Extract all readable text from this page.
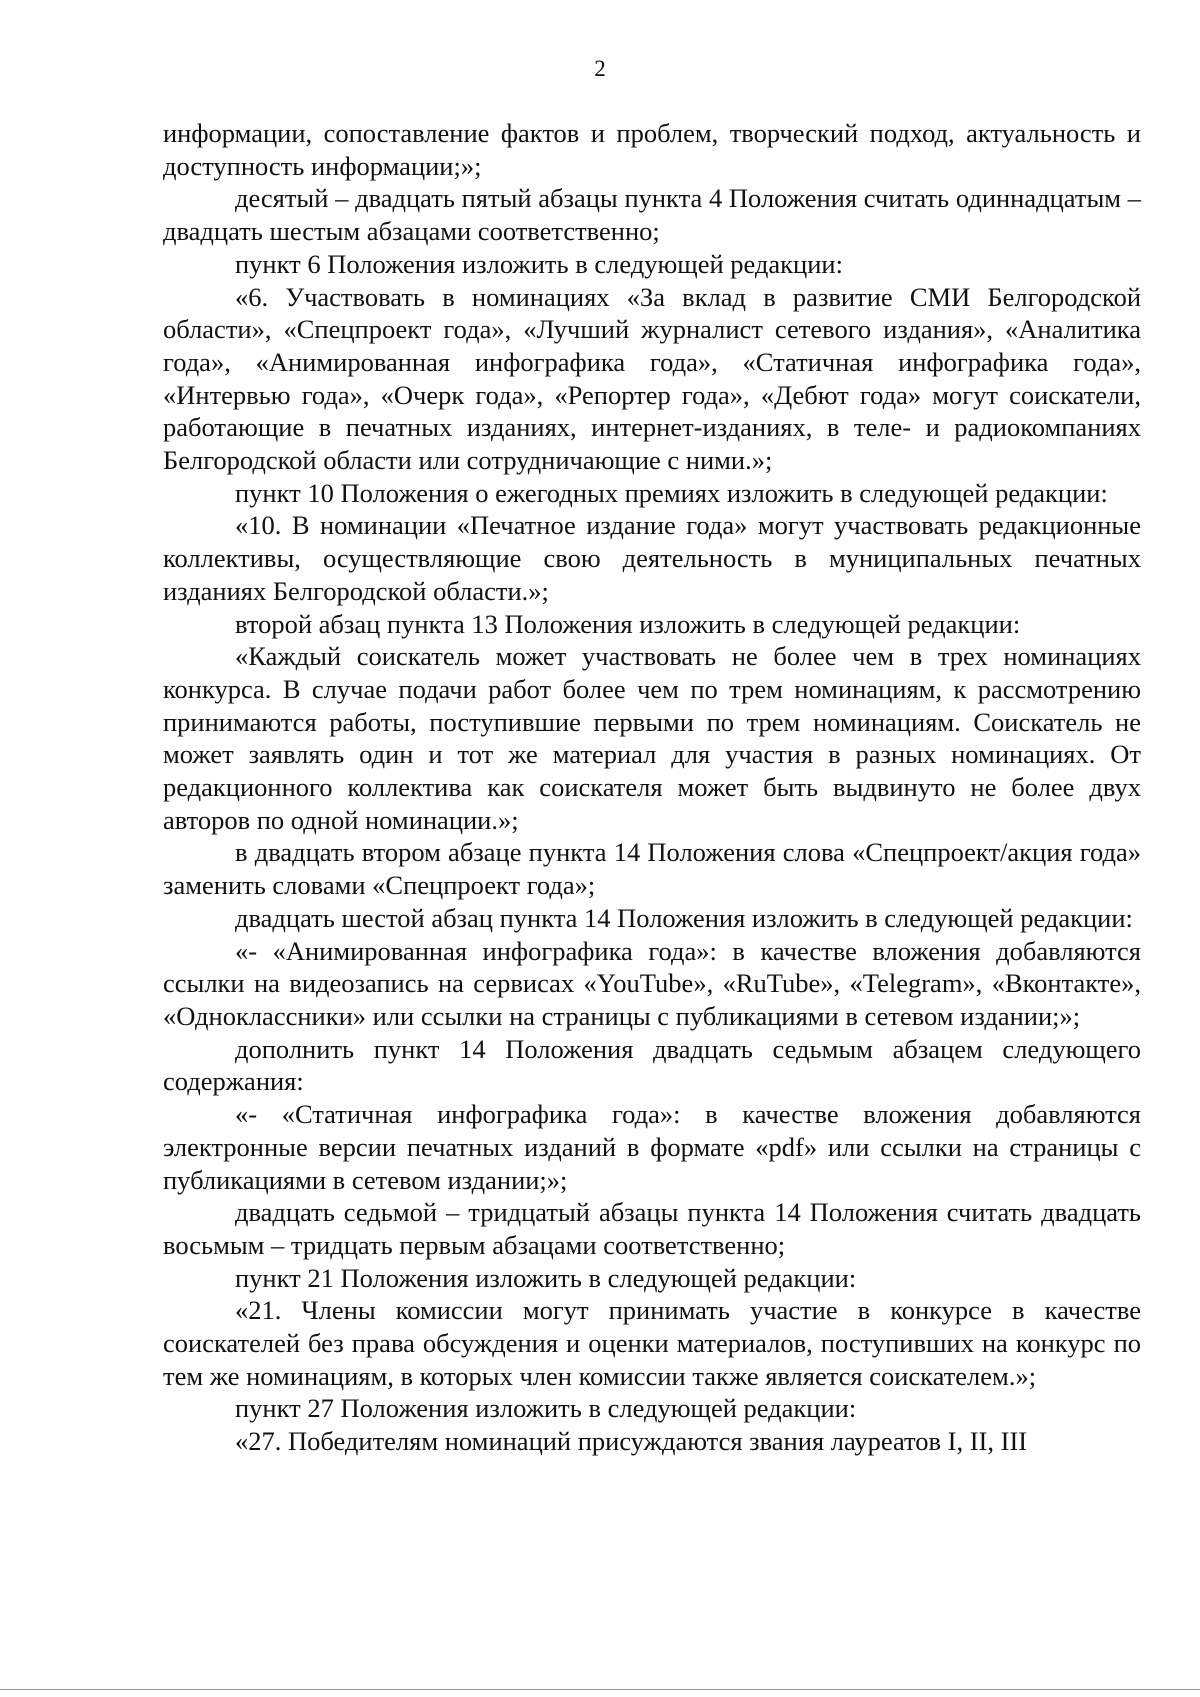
2

информации, сопоставление фактов и проблем, творческий подход, актуальность и доступность информации;»;

десятый – двадцать пятый абзацы пункта 4 Положения считать одиннадцатым – двадцать шестым абзацами соответственно;

пункт 6 Положения изложить в следующей редакции:

«6. Участвовать в номинациях «За вклад в развитие СМИ Белгородской области», «Спецпроект года», «Лучший журналист сетевого издания», «Аналитика года», «Анимированная инфографика года», «Статичная инфографика года», «Интервью года», «Очерк года», «Репортер года», «Дебют года» могут соискатели, работающие в печатных изданиях, интернет-изданиях, в теле- и радиокомпаниях Белгородской области или сотрудничающие с ними.»;

пункт 10 Положения о ежегодных премиях изложить в следующей редакции:

«10. В номинации «Печатное издание года» могут участвовать редакционные коллективы, осуществляющие свою деятельность в муниципальных печатных изданиях Белгородской области.»;

второй абзац пункта 13 Положения изложить в следующей редакции:

«Каждый соискатель может участвовать не более чем в трех номинациях конкурса. В случае подачи работ более чем по трем номинациям, к рассмотрению принимаются работы, поступившие первыми по трем номинациям. Соискатель не может заявлять один и тот же материал для участия в разных номинациях. От редакционного коллектива как соискателя может быть выдвинуто не более двух авторов по одной номинации.»;

в двадцать втором абзаце пункта 14 Положения слова «Спецпроект/акция года» заменить словами «Спецпроект года»;

двадцать шестой абзац пункта 14 Положения изложить в следующей редакции:

«- «Анимированная инфографика года»: в качестве вложения добавляются ссылки на видеозапись на сервисах «YouTube», «RuTube», «Telegram», «Вконтакте», «Одноклассники» или ссылки на страницы с публикациями в сетевом издании;»;

дополнить пункт 14 Положения двадцать седьмым абзацем следующего содержания:

«- «Статичная инфографика года»: в качестве вложения добавляются электронные версии печатных изданий в формате «pdf» или ссылки на страницы с публикациями в сетевом издании;»;

двадцать седьмой – тридцатый абзацы пункта 14 Положения считать двадцать восьмым – тридцать первым абзацами соответственно;

пункт 21 Положения изложить в следующей редакции:

«21. Члены комиссии могут принимать участие в конкурсе в качестве соискателей без права обсуждения и оценки материалов, поступивших на конкурс по тем же номинациям, в которых член комиссии также является соискателем.»;

пункт 27 Положения изложить в следующей редакции:

«27. Победителям номинаций присуждаются звания лауреатов I, II, III
